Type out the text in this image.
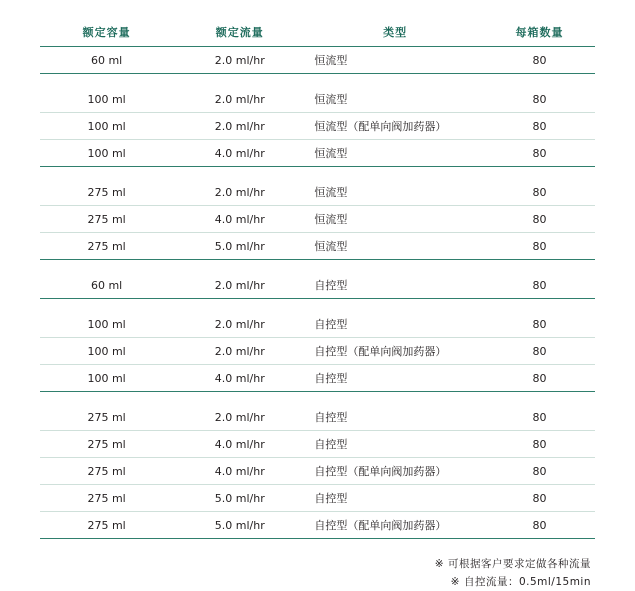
额定容量	额定流量	类型	每箱数量
60 ml	2.0 ml/hr	恒流型	80

100 ml	2.0 ml/hr	恒流型	80
100 ml	2.0 ml/hr	恒流型（配单向阀加药器）	80
100 ml	4.0 ml/hr	恒流型	80

275 ml	2.0 ml/hr	恒流型	80
275 ml	4.0 ml/hr	恒流型	80
275 ml	5.0 ml/hr	恒流型	80

60 ml	2.0 ml/hr	自控型	80

100 ml	2.0 ml/hr	自控型	80
100 ml	2.0 ml/hr	自控型（配单向阀加药器）	80
100 ml	4.0 ml/hr	自控型	80

275 ml	2.0 ml/hr	自控型	80
275 ml	4.0 ml/hr	自控型	80
275 ml	4.0 ml/hr	自控型（配单向阀加药器）	80
275 ml	5.0 ml/hr	自控型	80
275 ml	5.0 ml/hr	自控型（配单向阀加药器）	80
※ 可根据客户要求定做各种流量
※ 自控流量：0.5ml/15min
